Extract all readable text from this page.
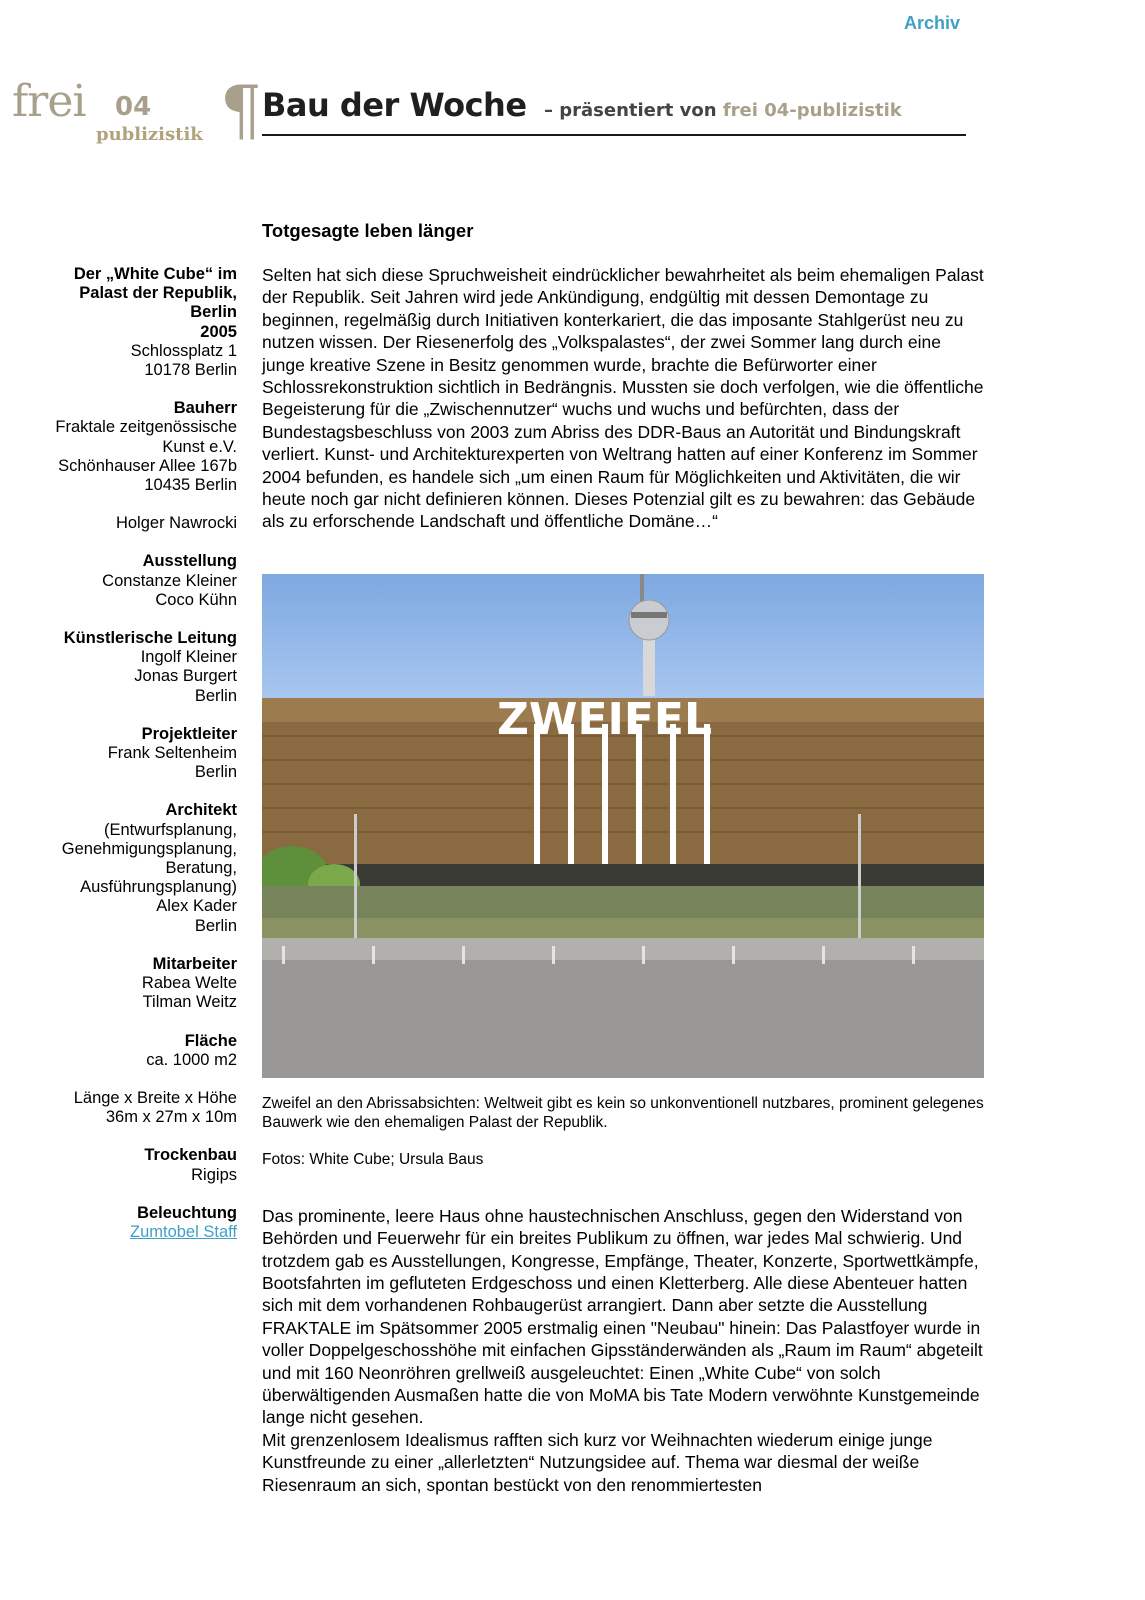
Archiv
frei 04
publizistik ¶ Bau der Woche – präsentiert von frei 04-publizistik
Der „White Cube“ im
Palast der Republik,
Berlin
2005
Schlossplatz 1
10178 Berlin
Bauherr
Fraktale zeitgenössische
Kunst e.V.
Schönhauser Allee 167b
10435 Berlin
Holger Nawrocki
Ausstellung
Constanze Kleiner
Coco Kühn
Künstlerische Leitung
Ingolf Kleiner
Jonas Burgert
Berlin
Projektleiter
Frank Seltenheim
Berlin
Architekt
(Entwurfsplanung,
Genehmigungsplanung,
Beratung,
Ausführungsplanung)
Alex Kader
Berlin
Mitarbeiter
Rabea Welte
Tilman Weitz
Fläche
ca. 1000 m2
Länge x Breite x Höhe
36m x 27m x 10m
Trockenbau
Rigips
Beleuchtung
Zumtobel Staff
Totgesagte leben länger

Selten hat sich diese Spruchweisheit eindrücklicher bewahrheitet als beim ehemaligen Palast der Republik. Seit Jahren wird jede Ankündigung, endgültig mit dessen Demontage zu beginnen, regelmäßig durch Initiativen konterkariert, die das imposante Stahlgerüst neu zu nutzen wissen. Der Riesenerfolg des „Volkspalastes“, der zwei Sommer lang durch eine junge kreative Szene in Besitz genommen wurde, brachte die Befürworter einer Schlossrekonstruktion sichtlich in Bedrängnis. Mussten sie doch verfolgen, wie die öffentliche Begeisterung für die „Zwischennutzer“ wuchs und wuchs und befürchten, dass der Bundestagsbeschluss von 2003 zum Abriss des DDR-Baus an Autorität und Bindungskraft verliert. Kunst- und Architekturexperten von Weltrang hatten auf einer Konferenz im Sommer 2004 befunden, es handele sich „um einen Raum für Möglichkeiten und Aktivitäten, die wir heute noch gar nicht definieren können. Dieses Potenzial gilt es zu bewahren: das Gebäude als zu erforschende Landschaft und öffentliche Domäne…“

ZWEIFEL

Zweifel an den Abrissabsichten: Weltweit gibt es kein so unkonventionell nutzbares, prominent gelegenes Bauwerk wie den ehemaligen Palast der Republik.

Fotos: White Cube; Ursula Baus

Das prominente, leere Haus ohne haustechnischen Anschluss, gegen den Widerstand von Behörden und Feuerwehr für ein breites Publikum zu öffnen, war jedes Mal schwierig. Und trotzdem gab es Ausstellungen, Kongresse, Empfänge, Theater, Konzerte, Sportwettkämpfe, Bootsfahrten im gefluteten Erdgeschoss und einen Kletterberg. Alle diese Abenteuer hatten sich mit dem vorhandenen Rohbaugerüst arrangiert. Dann aber setzte die Ausstellung FRAKTALE im Spätsommer 2005 erstmalig einen "Neubau" hinein: Das Palastfoyer wurde in voller Doppelgeschosshöhe mit einfachen Gipsständerwänden als „Raum im Raum“ abgeteilt und mit 160 Neonröhren grellweiß ausgeleuchtet: Einen „White Cube“ von solch überwältigenden Ausmaßen hatte die von MoMA bis Tate Modern verwöhnte Kunstgemeinde lange nicht gesehen.

Mit grenzenlosem Idealismus rafften sich kurz vor Weihnachten wiederum einige junge Kunstfreunde zu einer „allerletzten“ Nutzungsidee auf. Thema war diesmal der weiße Riesenraum an sich, spontan bestückt von den renommiertesten
